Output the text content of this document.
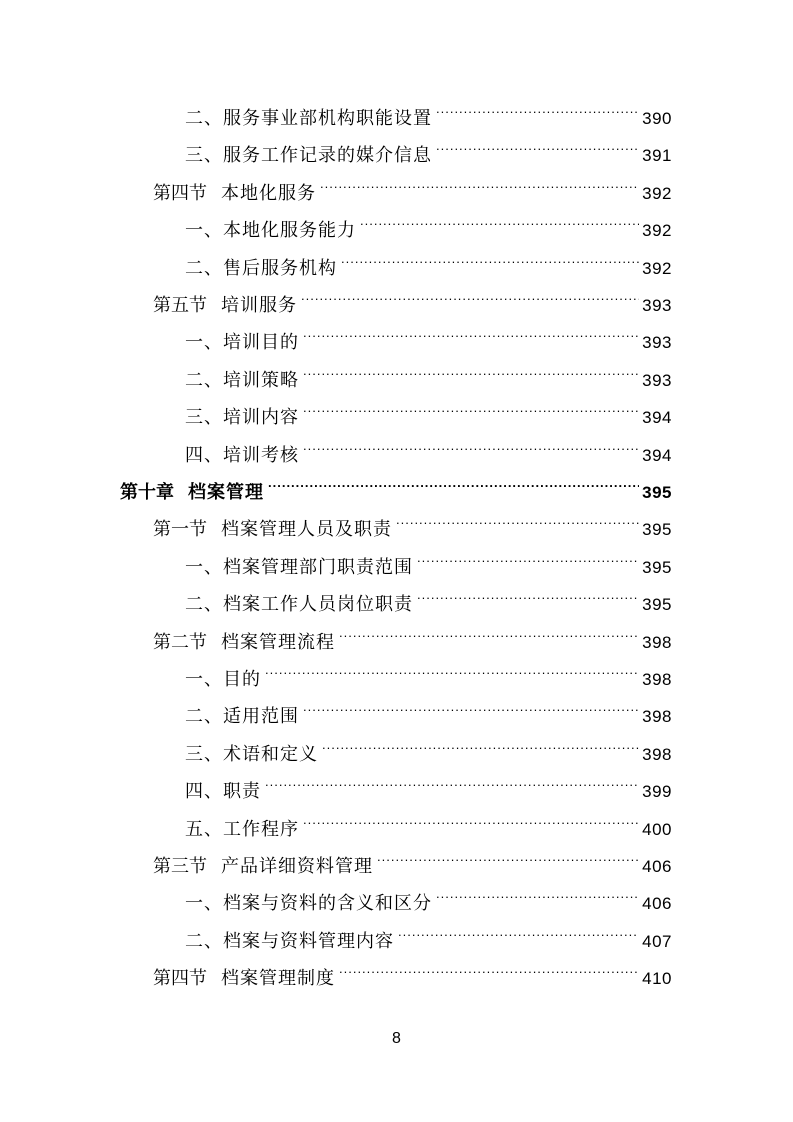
二、服务事业部机构职能设置 .....	390
三、服务工作记录的媒介信息 .....	391
第四节 本地化服务 .....	392
一、本地化服务能力 .....	392
二、售后服务机构 .....	392
第五节 培训服务 .....	393
一、培训目的 .....	393
二、培训策略 .....	393
三、培训内容 .....	394
四、培训考核 .....	394
第十章 档案管理 .....	395
第一节 档案管理人员及职责 .....	395
一、档案管理部门职责范围 .....	395
二、档案工作人员岗位职责 .....	395
第二节 档案管理流程 .....	398
一、目的 .....	398
二、适用范围 .....	398
三、术语和定义 .....	398
四、职责 .....	399
五、工作程序 .....	400
第三节 产品详细资料管理 .....	406
一、档案与资料的含义和区分 .....	406
二、档案与资料管理内容 .....	407
第四节 档案管理制度 .....	410
8
